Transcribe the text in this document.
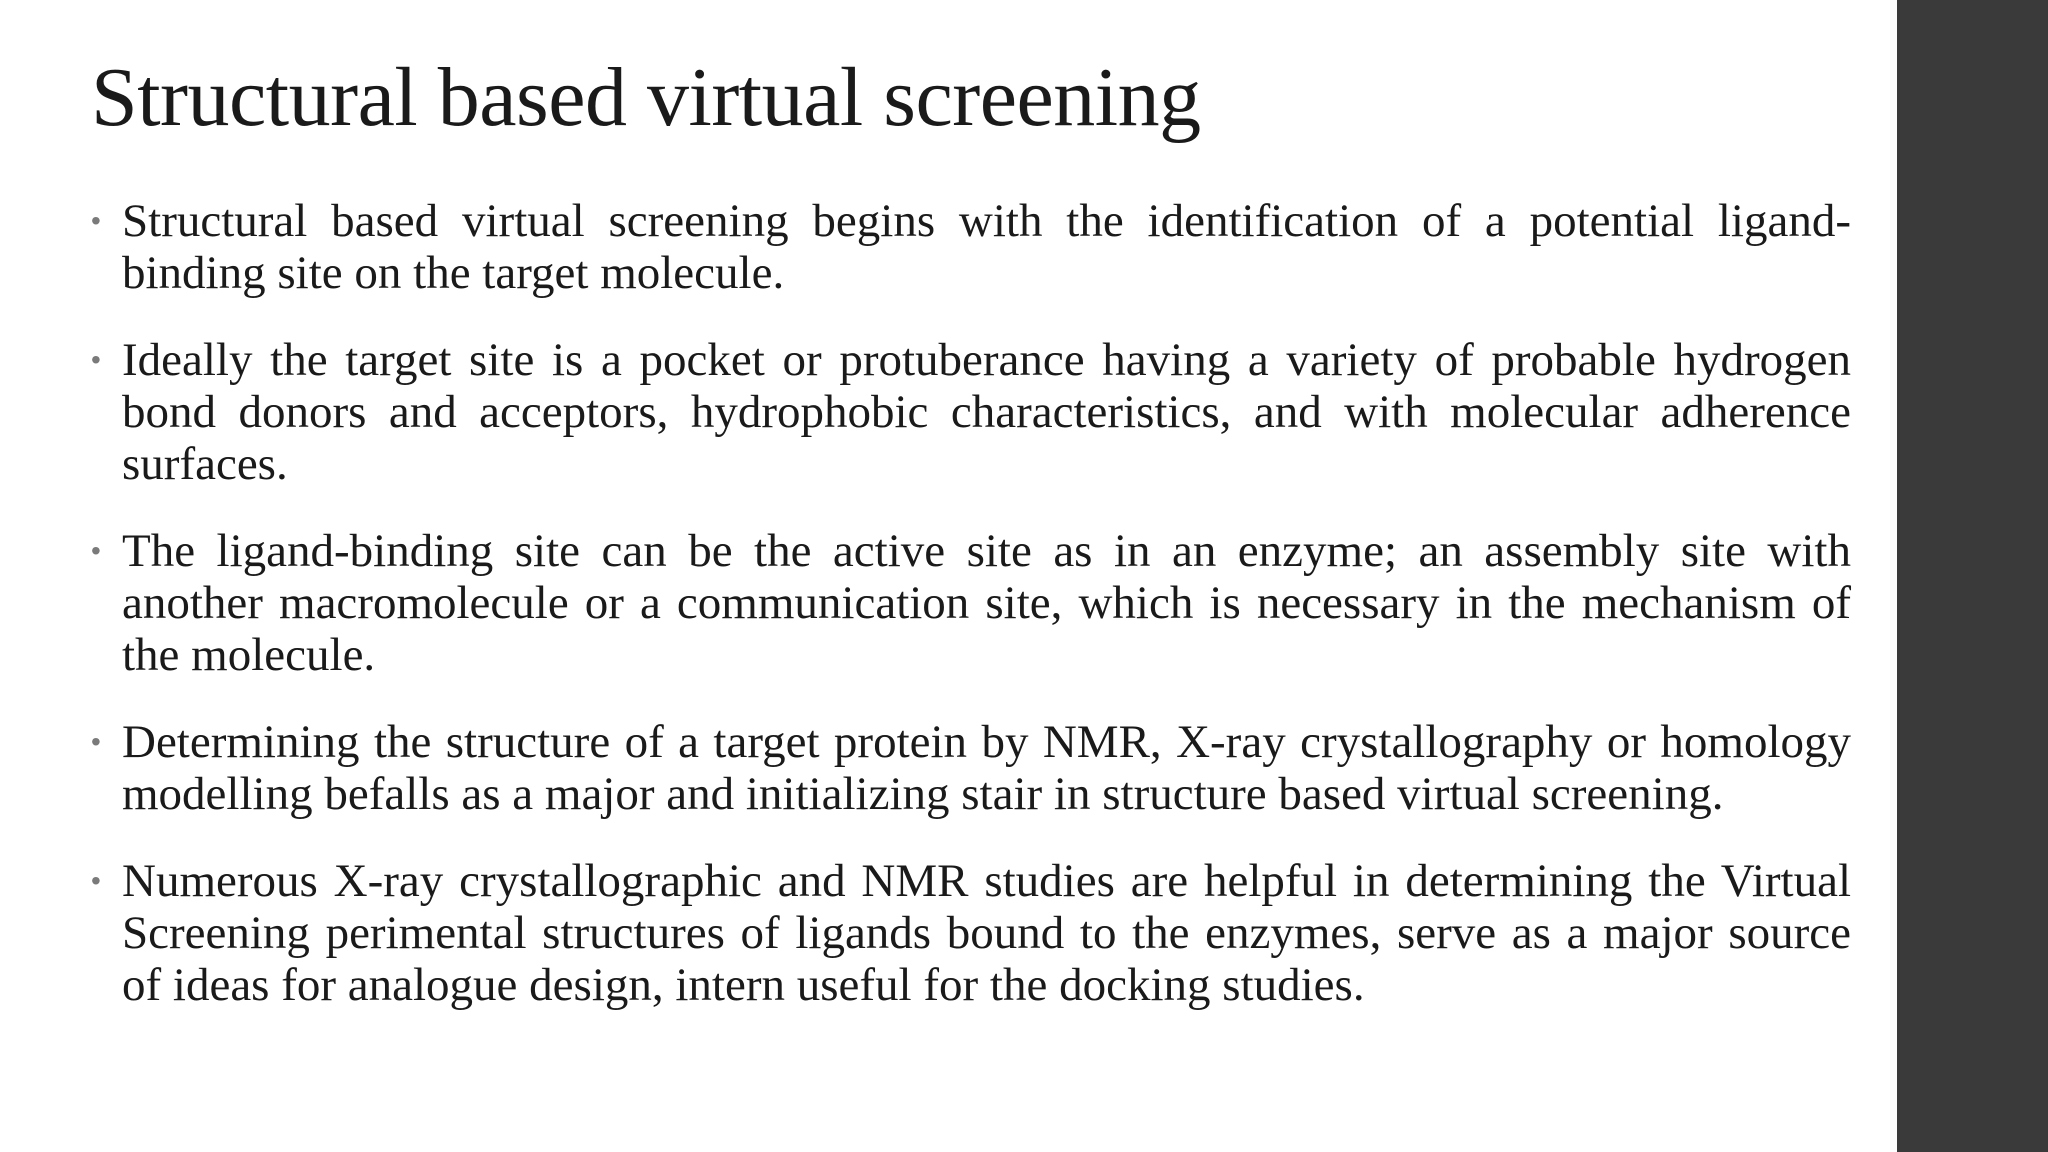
Structural based virtual screening
• Structural based virtual screening begins with the identification of a potential ligand-binding site on the target molecule.
• Ideally the target site is a pocket or protuberance having a variety of probable hydrogen bond donors and acceptors, hydrophobic characteristics, and with molecular adherence surfaces.
• The ligand-binding site can be the active site as in an enzyme; an assembly site with another macromolecule or a communication site, which is necessary in the mechanism of the molecule.
• Determining the structure of a target protein by NMR, X-ray crystallography or homology modelling befalls as a major and initializing stair in structure based virtual screening.
• Numerous X-ray crystallographic and NMR studies are helpful in determining the Virtual Screening perimental structures of ligands bound to the enzymes, serve as a major source of ideas for analogue design, intern useful for the docking studies.
